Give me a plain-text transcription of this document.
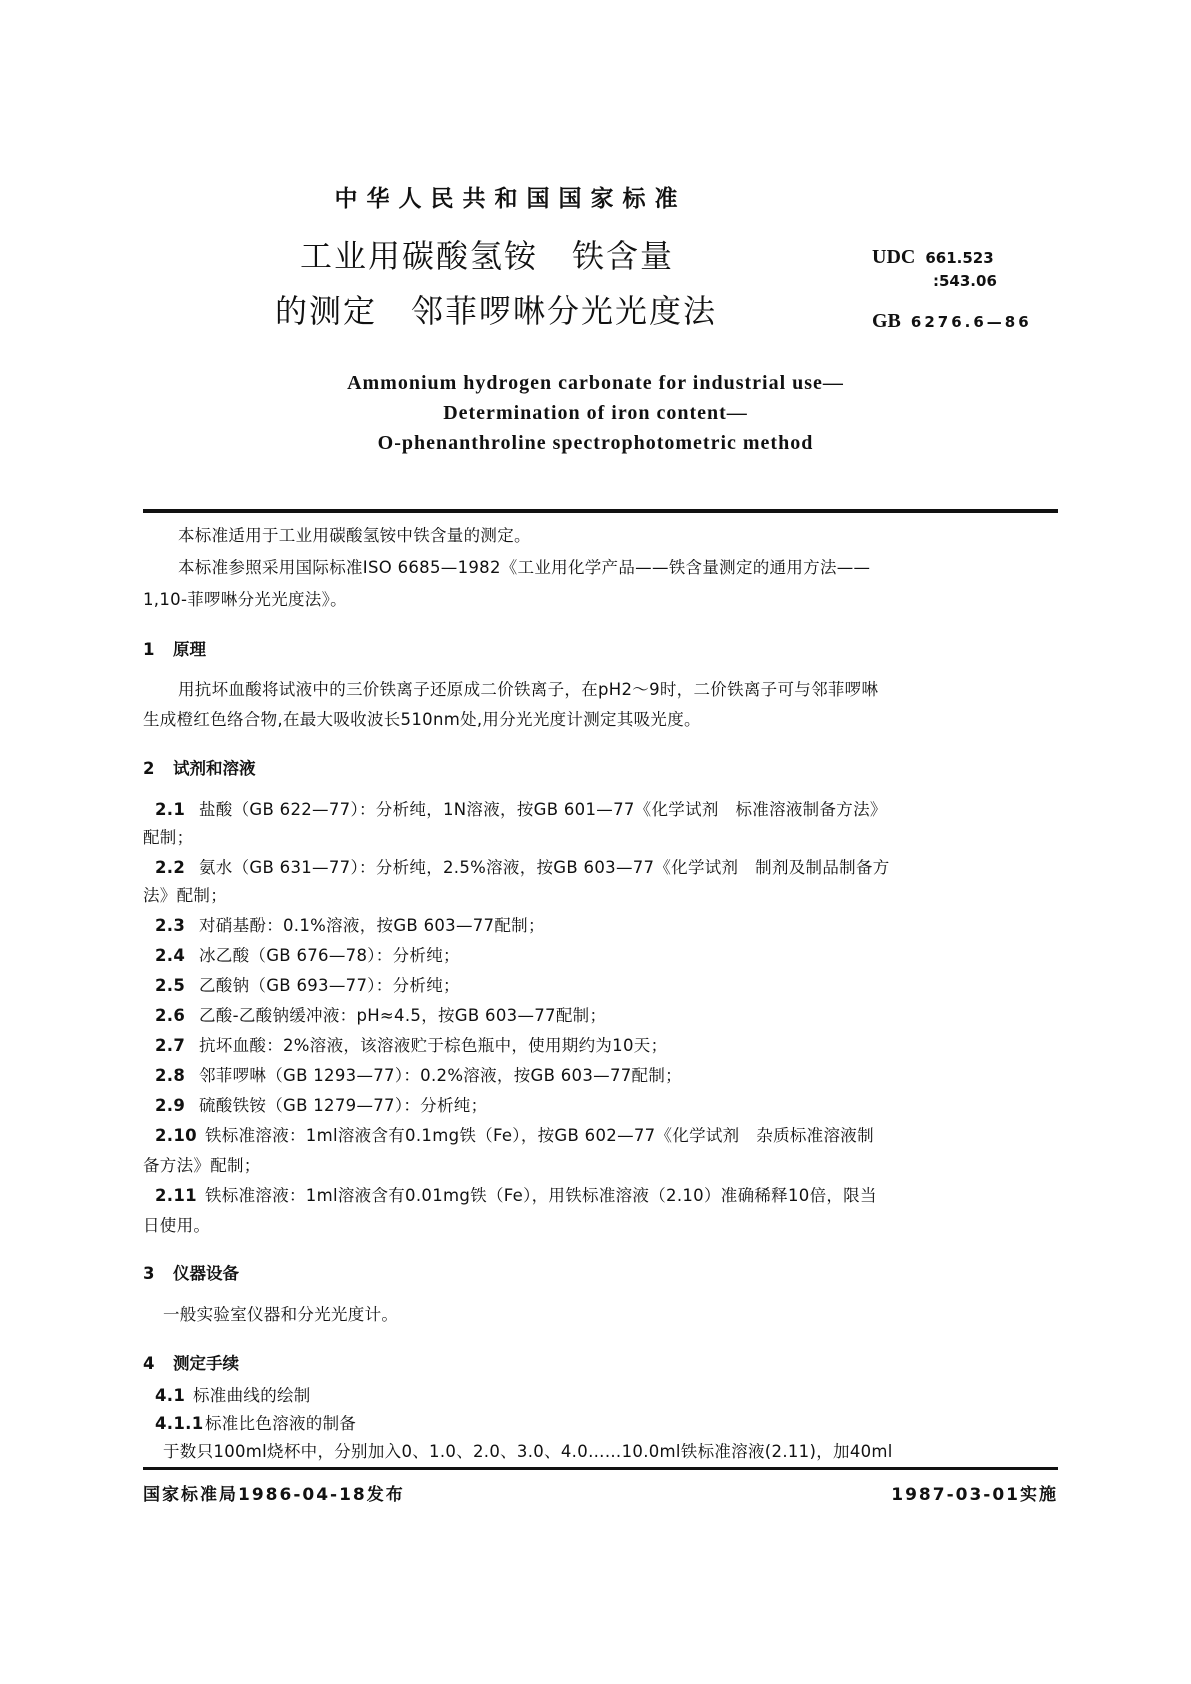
中华人民共和国国家标准
工业用碳酸氢铵　铁含量
的测定　邻菲啰啉分光光度法
UDC 661.523
:543.06
GB 6276.6—86
Ammonium hydrogen carbonate for industrial use—
Determination of iron content—
O-phenanthroline spectrophotometric method
本标准适用于工业用碳酸氢铵中铁含量的测定。
本标准参照采用国际标准ISO 6685—1982《工业用化学产品——铁含量测定的通用方法——
1,10-菲啰啉分光光度法》。
1 原理
用抗坏血酸将试液中的三价铁离子还原成二价铁离子，在pH2～9时，二价铁离子可与邻菲啰啉
生成橙红色络合物,在最大吸收波长510nm处,用分光光度计测定其吸光度。
2 试剂和溶液
2.1 盐酸（GB 622—77）：分析纯，1N溶液，按GB 601—77《化学试剂　标准溶液制备方法》
配制；
2.2 氨水（GB 631—77）：分析纯，2.5%溶液，按GB 603—77《化学试剂　制剂及制品制备方
法》配制；
2.3 对硝基酚：0.1%溶液，按GB 603—77配制；
2.4 冰乙酸（GB 676—78）：分析纯；
2.5 乙酸钠（GB 693—77）：分析纯；
2.6 乙酸-乙酸钠缓冲液：pH≈4.5，按GB 603—77配制；
2.7 抗坏血酸：2%溶液，该溶液贮于棕色瓶中，使用期约为10天；
2.8 邻菲啰啉（GB 1293—77）：0.2%溶液，按GB 603—77配制；
2.9 硫酸铁铵（GB 1279—77）：分析纯；
2.10 铁标准溶液：1ml溶液含有0.1mg铁（Fe），按GB 602—77《化学试剂　杂质标准溶液制
备方法》配制；
2.11 铁标准溶液：1ml溶液含有0.01mg铁（Fe），用铁标准溶液（2.10）准确稀释10倍，限当
日使用。
3 仪器设备
一般实验室仪器和分光光度计。
4 测定手续
4.1 标准曲线的绘制
4.1.1标准比色溶液的制备
于数只100ml烧杯中，分别加入0、1.0、2.0、3.0、4.0……10.0ml铁标准溶液(2.11)，加40ml
国家标准局1986-04-18发布	1987-03-01实施
